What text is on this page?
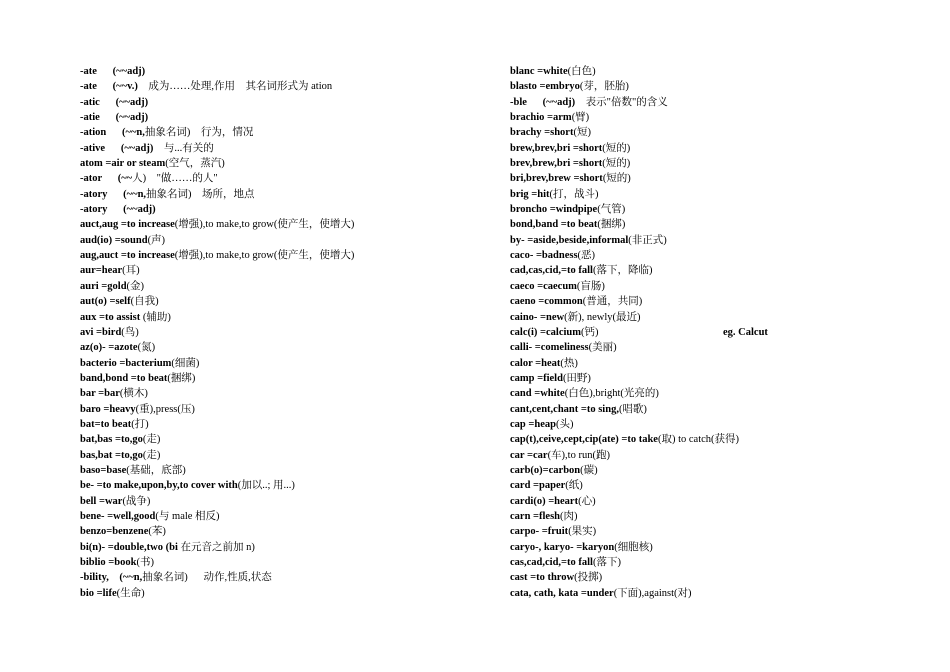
-ate      (~~adj)
-ate      (~~v.)    成为……处理,作用    其名词形式为 ation
-atic      (~~adj)
-atie      (~~adj)
-ation      (~~n,抽象名词)    行为，情况
-ative      (~~adj)    与...有关的
atom =air or steam(空气，蒸汽)
-ator      (~~人)    "做……的人"
-atory      (~~n,抽象名词)    场所，地点
-atory      (~~adj)
auct,aug =to increase(增强),to make,to grow(使产生，使增大)
aud(io) =sound(声)
aug,auct =to increase(增强),to make,to grow(使产生，使增大)
aur=hear(耳)
auri =gold(金)
aut(o) =self(自我)
aux =to assist (辅助)
avi =bird(鸟)
az(o)- =azote(氮)
bacterio =bacterium(细菌)
band,bond =to beat(捆绑)
bar =bar(横木)
baro =heavy(重),press(压)
bat=to beat(打)
bat,bas =to,go(走)
bas,bat =to,go(走)
baso=base(基础，底部)
be- =to make,upon,by,to cover with(加以..; 用...)
bell =war(战争)
bene- =well,good(与 male 相反)
benzo=benzene(苯)
bi(n)- =double,two (bi 在元音之前加 n)
biblio =book(书)
-bility,    (~~n,抽象名词)      动作,性质,状态
bio =life(生命)
blanc =white(白色)
blasto =embryo(芽，胚胎)
-ble      (~~adj)    表示"倍数"的含义
brachio =arm(臂)
brachy =short(短)
brew,brev,bri =short(短的)
brev,brew,bri =short(短的)
bri,brev,brew =short(短的)
brig =hit(打，战斗)
broncho =windpipe(气管)
bond,band =to beat(捆绑)
by- =aside,beside,informal(非正式)
caco- =badness(恶)
cad,cas,cid,=to fall(落下，降临)
caeco =caecum(盲肠)
caeno =common(普通，共同)
caino- =new(新), newly(最近)
calc(i) =calcium(钙)	eg. Calcut
calli- =comeliness(美丽)
calor =heat(热)
camp =field(田野)
cand =white(白色),bright(光亮的)
cant,cent,chant =to sing,(唱歌)
cap =heap(头)
cap(t),ceive,cept,cip(ate) =to take(取) to catch(获得)
car =car(车),to run(跑)
carb(o)=carbon(碳)
card =paper(纸)
cardi(o) =heart(心)
carn =flesh(肉)
carpo- =fruit(果实)
caryo-, karyo- =karyon(细胞核)
cas,cad,cid,=to fall(落下)
cast =to throw(投掷)
cata, cath, kata =under(下面),against(对)
